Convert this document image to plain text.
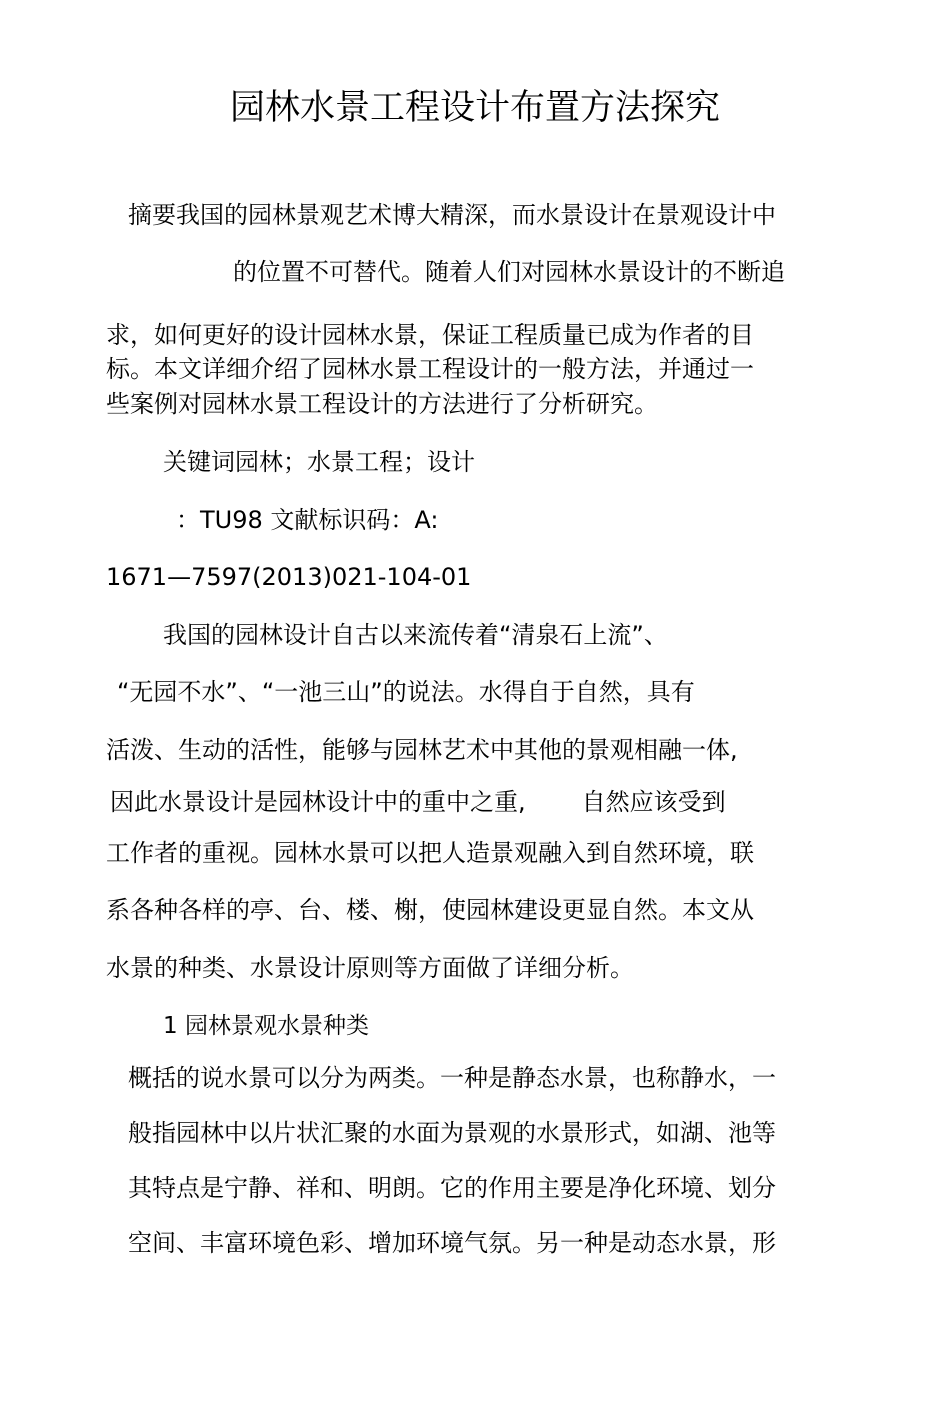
园林水景工程设计布置方法探究
摘要我国的园林景观艺术博大精深，而水景设计在景观设计中
的位置不可替代。随着人们对园林水景设计的不断追
求，如何更好的设计园林水景，保证工程质量已成为作者的目
标。本文详细介绍了园林水景工程设计的一般方法，并通过一
些案例对园林水景工程设计的方法进行了分析研究。
关键词园林；水景工程；设计
：TU98 文献标识码：A:
1671—7597(2013)021-104-01
我国的园林设计自古以来流传着“清泉石上流”、
“无园不水”、“一池三山”的说法。水得自于自然，具有
活泼、生动的活性，能够与园林艺术中其他的景观相融一体,
因此水景设计是园林设计中的重中之重, 自然应该受到
工作者的重视。园林水景可以把人造景观融入到自然环境，联
系各种各样的亭、台、楼、榭，使园林建设更显自然。本文从
水景的种类、水景设计原则等方面做了详细分析。
1 园林景观水景种类
概括的说水景可以分为两类。一种是静态水景，也称静水，一
般指园林中以片状汇聚的水面为景观的水景形式，如湖、池等
其特点是宁静、祥和、明朗。它的作用主要是净化环境、划分
空间、丰富环境色彩、增加环境气氛。另一种是动态水景，形
